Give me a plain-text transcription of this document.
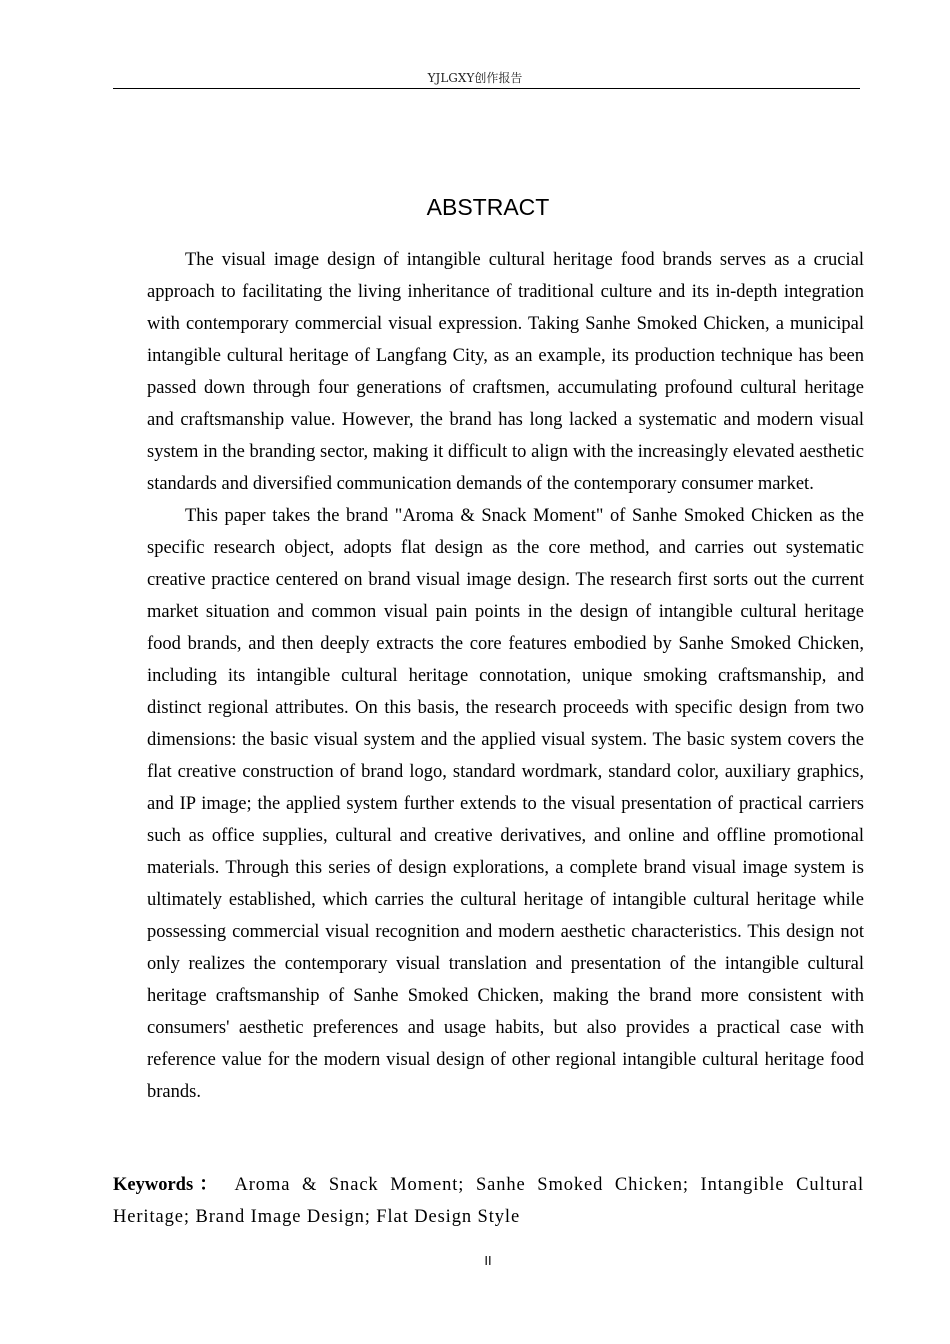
YJLGXY创作报告
ABSTRACT

The visual image design of intangible cultural heritage food brands serves as a crucial approach to facilitating the living inheritance of traditional culture and its in-depth integration with contemporary commercial visual expression. Taking Sanhe Smoked Chicken, a municipal intangible cultural heritage of Langfang City, as an example, its production technique has been passed down through four generations of craftsmen, accumulating profound cultural heritage and craftsmanship value. However, the brand has long lacked a systematic and modern visual system in the branding sector, making it difficult to align with the increasingly elevated aesthetic standards and diversified communication demands of the contemporary consumer market.

This paper takes the brand "Aroma & Snack Moment" of Sanhe Smoked Chicken as the specific research object, adopts flat design as the core method, and carries out systematic creative practice centered on brand visual image design. The research first sorts out the current market situation and common visual pain points in the design of intangible cultural heritage food brands, and then deeply extracts the core features embodied by Sanhe Smoked Chicken, including its intangible cultural heritage connotation, unique smoking craftsmanship, and distinct regional attributes. On this basis, the research proceeds with specific design from two dimensions: the basic visual system and the applied visual system. The basic system covers the flat creative construction of brand logo, standard wordmark, standard color, auxiliary graphics, and IP image; the applied system further extends to the visual presentation of practical carriers such as office supplies, cultural and creative derivatives, and online and offline promotional materials. Through this series of design explorations, a complete brand visual image system is ultimately established, which carries the cultural heritage of intangible cultural heritage while possessing commercial visual recognition and modern aesthetic characteristics. This design not only realizes the contemporary visual translation and presentation of the intangible cultural heritage craftsmanship of Sanhe Smoked Chicken, making the brand more consistent with consumers' aesthetic preferences and usage habits, but also provides a practical case with reference value for the modern visual design of other regional intangible cultural heritage food brands.

Keywords： Aroma & Snack Moment; Sanhe Smoked Chicken; Intangible Cultural Heritage; Brand Image Design; Flat Design Style
II
